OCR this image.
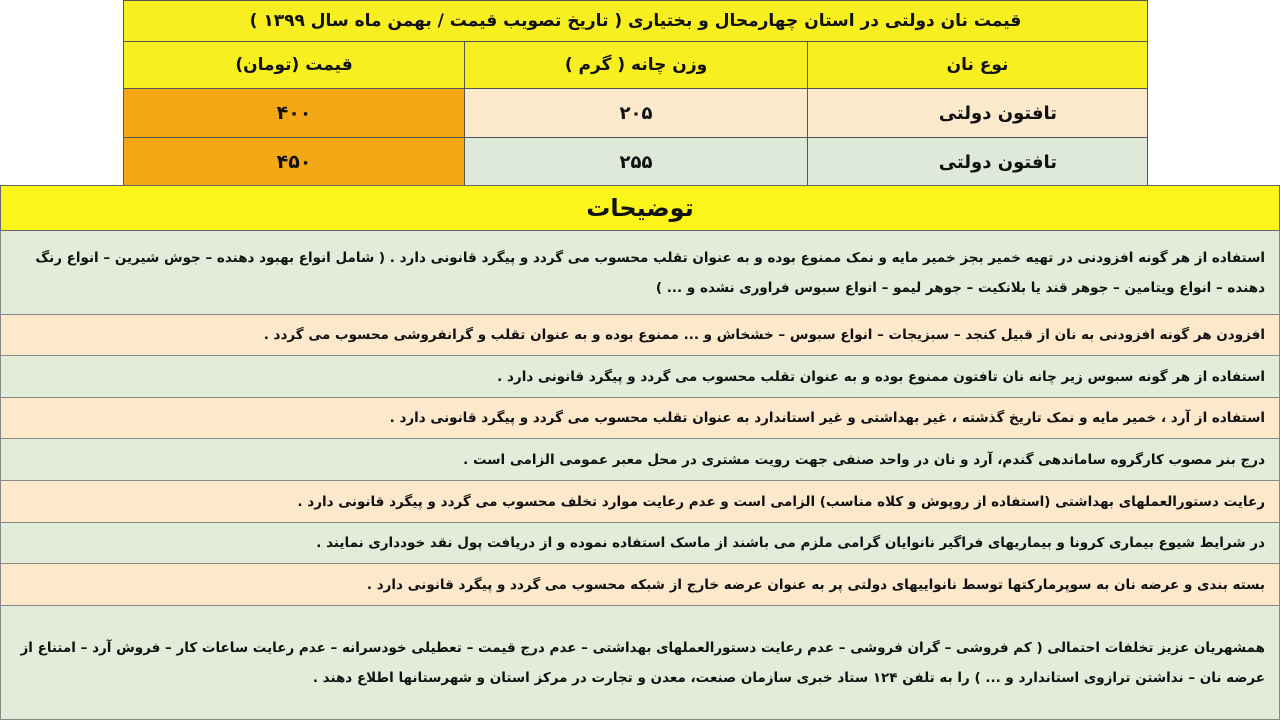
قیمت نان دولتی در استان چهارمحال و بختیاری ( تاریخ تصویب قیمت / بهمن ماه سال ۱۳۹۹ )		
نوع نان	وزن چانه ( گرم )	قیمت (تومان)
تافتون دولتی	۲۰۵	۴۰۰
تافتون دولتی	۲۵۵	۴۵۰
توضیحات
استفاده از هر گونه افزودنی در تهیه خمیر بجز خمیر مایه و نمک ممنوع بوده و به عنوان تقلب محسوب می گردد و پیگرد قانونی دارد . ( شامل انواع بهبود دهنده – جوش شیرین – انواع رنگ دهنده – انواع ویتامین – جوهر قند یا بلانکیت – جوهر لیمو – انواع سبوس فراوری نشده و ... )
افزودن هر گونه افزودنی به نان از قبیل کنجد – سبزیجات – انواع سبوس – خشخاش و ... ممنوع بوده و به عنوان تقلب و گرانفروشی محسوب می گردد .
استفاده از هر گونه سبوس زیر چانه نان تافتون ممنوع بوده و به عنوان تقلب محسوب می گردد و پیگرد قانونی دارد .
استفاده از آرد ، خمیر مایه و نمک تاریخ گذشته ، غیر بهداشتی و غیر استاندارد به عنوان تقلب محسوب می گردد و پیگرد قانونی دارد .
درج بنر مصوب کارگروه ساماندهی گندم، آرد و نان در واحد صنفی جهت رویت مشتری در محل معبر عمومی الزامی است .
رعایت دستورالعملهای بهداشتی (استفاده از روپوش و کلاه مناسب) الزامی است و عدم رعایت موارد تخلف محسوب می گردد و پیگرد قانونی دارد .
در شرایط شیوع بیماری کرونا و بیماریهای فراگیر نانوایان گرامی ملزم می باشند از ماسک استفاده نموده و از دریافت پول نقد خودداری نمایند .
بسته بندی و عرضه نان به سوپرمارکتها توسط نانواییهای دولتی پر به عنوان عرضه خارج از شبکه محسوب می گردد و پیگرد قانونی دارد .
همشهریان عزیز تخلفات احتمالی ( کم فروشی – گران فروشی – عدم رعایت دستورالعملهای بهداشتی – عدم درج قیمت – تعطیلی خودسرانه – عدم رعایت ساعات کار – فروش آرد – امتناع از عرضه نان – نداشتن ترازوی استاندارد و ... ) را به تلفن ۱۲۴ ستاد خبری سازمان صنعت، معدن و تجارت در مرکز استان و شهرستانها اطلاع دهند .
